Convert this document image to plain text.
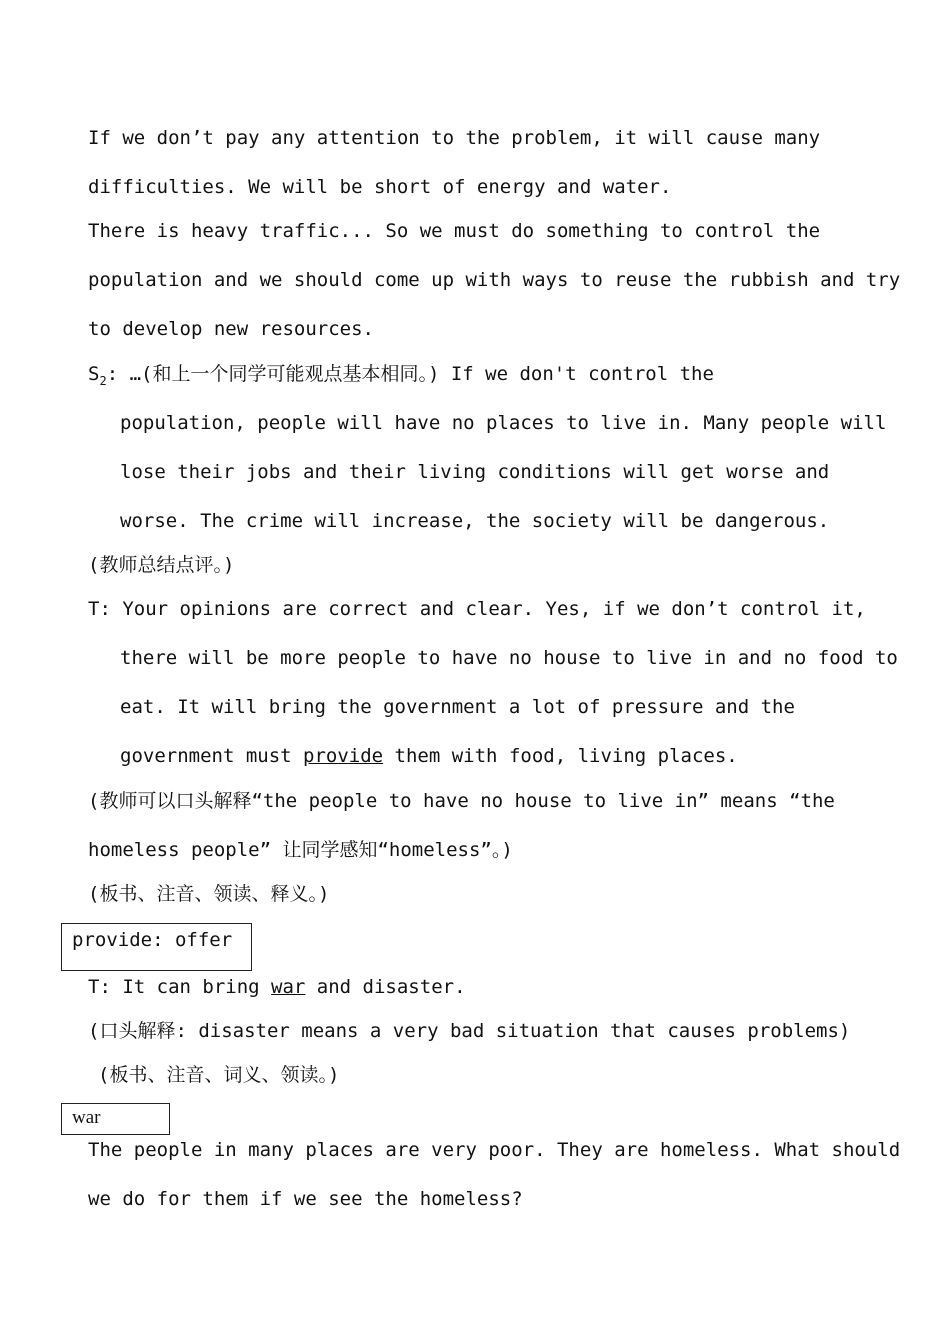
If we don’t pay any attention to the problem, it will cause many
difficulties. We will be short of energy and water.
There is heavy traffic... So we must do something to control the
population and we should come up with ways to reuse the rubbish and try
to develop new resources.
$S_2$: …(和上一个同学可能观点基本相同。) If we don't control the
population, people will have no places to live in. Many people will
lose their jobs and their living conditions will get worse and
worse. The crime will increase, the society will be dangerous.
(教师总结点评。)
T: Your opinions are correct and clear. Yes, if we don’t control it,
there will be more people to have no house to live in and no food to
eat. It will bring the government a lot of pressure and the
government must provide them with food, living places.
(教师可以口头解释“the people to have no house to live in” means “the
homeless people” 让同学感知“homeless”。)
(板书、注音、领读、释义。)
provide: offer
T: It can bring war and disaster.
(口头解释: disaster means a very bad situation that causes problems)
(板书、注音、词义、领读。)
war
The people in many places are very poor. They are homeless. What should
we do for them if we see the homeless?
